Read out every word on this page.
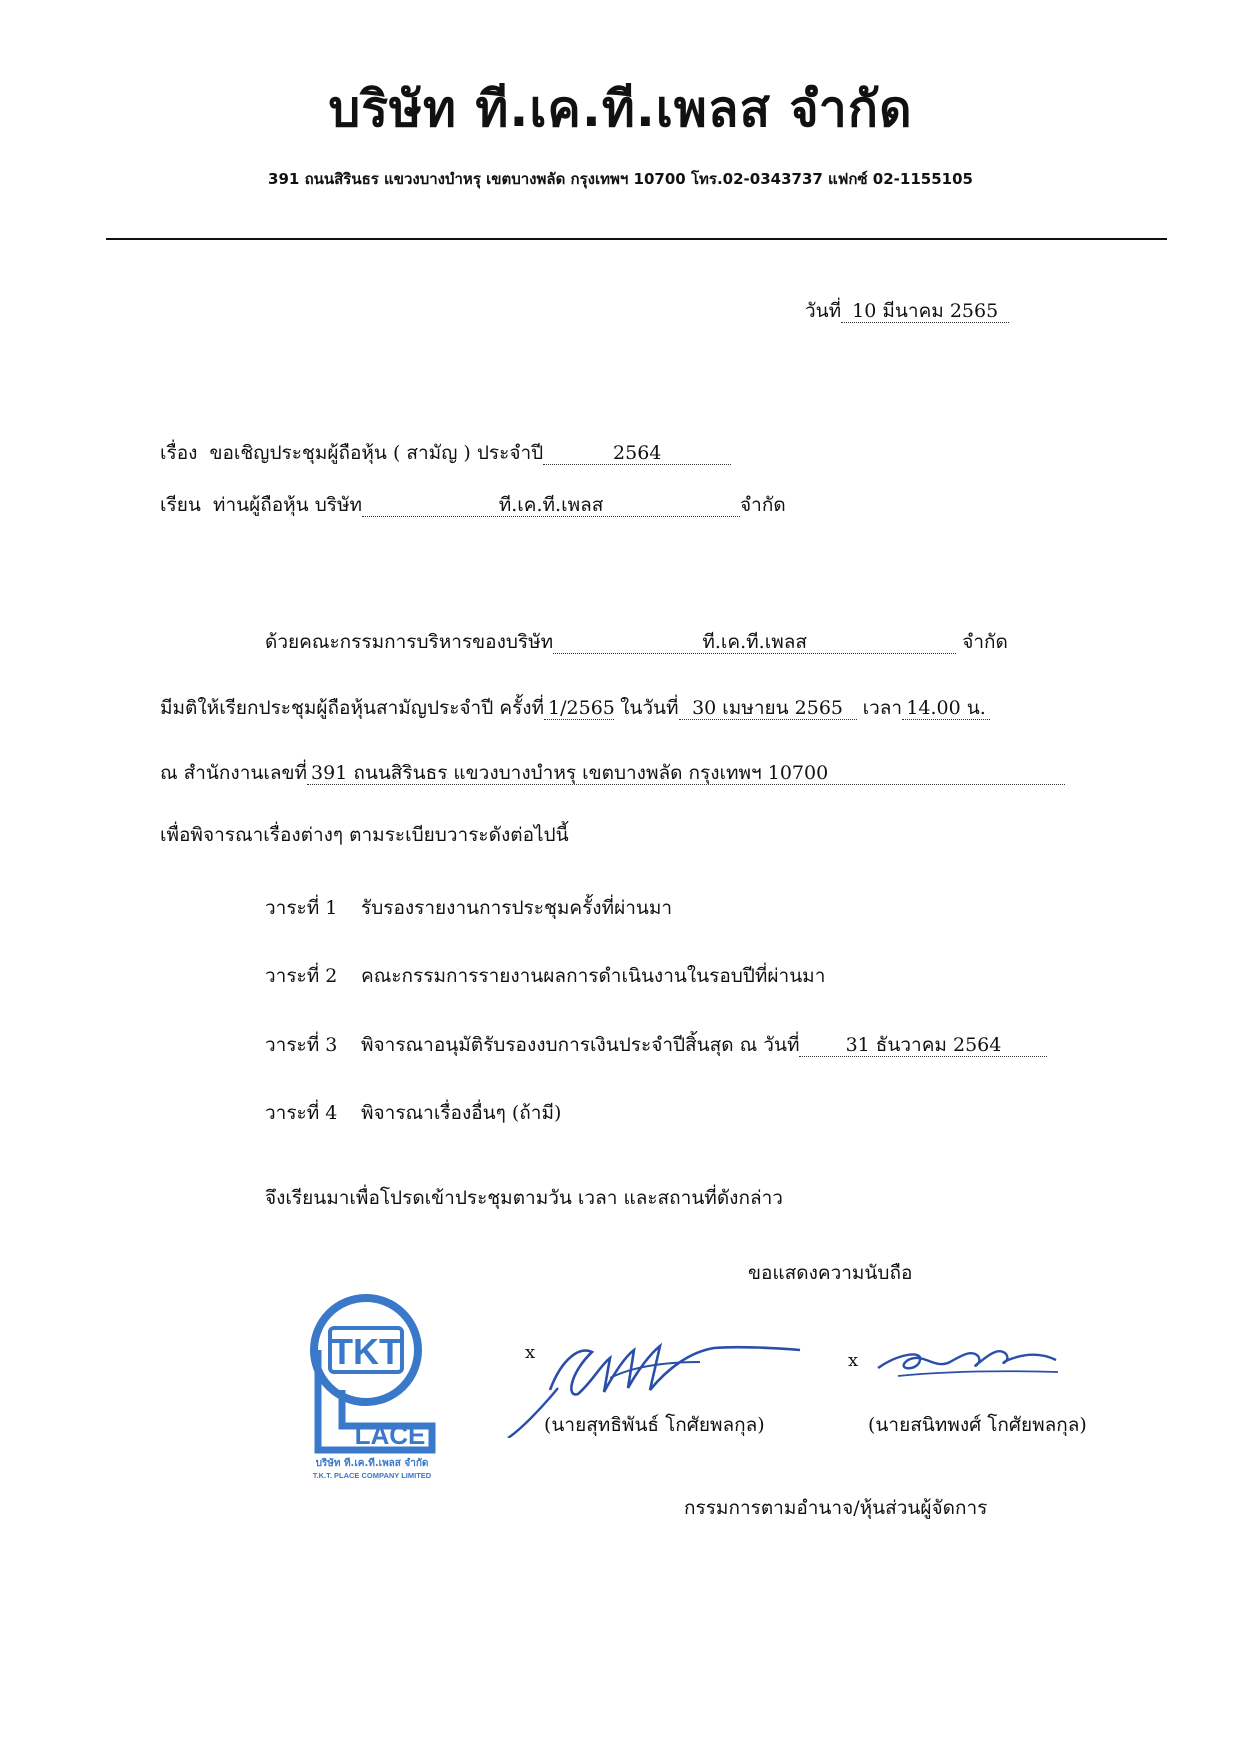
บริษัท ที.เค.ที.เพลส จำกัด
391 ถนนสิรินธร แขวงบางบำหรุ เขตบางพลัด กรุงเทพฯ 10700 โทร.02-0343737 แฟกซ์ 02-1155105
วันที่ 10 มีนาคม 2565
เรื่อง ขอเชิญประชุมผู้ถือหุ้น ( สามัญ ) ประจำปี	2564
เรียน ท่านผู้ถือหุ้น บริษัท	ที.เค.ที.เพลส	จำกัด
ด้วยคณะกรรมการบริหารของบริษัท	ที.เค.ที.เพลส	จำกัด
มีมติให้เรียกประชุมผู้ถือหุ้นสามัญประจำปี ครั้งที่ 1/2565 ในวันที่ 30 เมษายน 2565 เวลา 14.00 น.
ณ สำนักงานเลขที่ 391 ถนนสิรินธร แขวงบางบำหรุ เขตบางพลัด กรุงเทพฯ 10700
เพื่อพิจารณาเรื่องต่างๆ ตามระเบียบวาระดังต่อไปนี้
วาระที่ 1 รับรองรายงานการประชุมครั้งที่ผ่านมา
วาระที่ 2 คณะกรรมการรายงานผลการดำเนินงานในรอบปีที่ผ่านมา
วาระที่ 3 พิจารณาอนุมัติรับรองงบการเงินประจำปีสิ้นสุด ณ วันที่ 31 ธันวาคม 2564
วาระที่ 4 พิจารณาเรื่องอื่นๆ (ถ้ามี)
จึงเรียนมาเพื่อโปรดเข้าประชุมตามวัน เวลา และสถานที่ดังกล่าว
ขอแสดงความนับถือ
TKT
LACE
บริษัท ที.เค.ที.เพลส จำกัด
T.K.T. PLACE COMPANY LIMITED
x
(นายสุทธิพันธ์ โกศัยพลกุล)
x
(นายสนิทพงศ์ โกศัยพลกุล)
กรรมการตามอำนาจ/หุ้นส่วนผู้จัดการ
